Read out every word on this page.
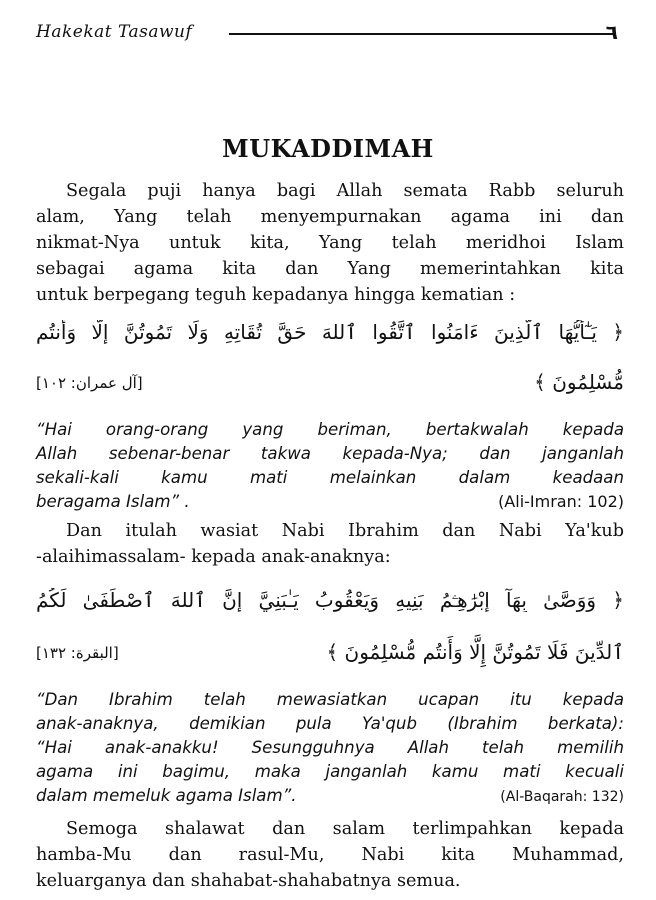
Hakekat Tasawuf	٦
MUKADDIMAH
Segala puji hanya bagi Allah semata Rabb seluruh
alam, Yang telah menyempurnakan agama ini dan
nikmat-Nya untuk kita, Yang telah meridhoi Islam
sebagai agama kita dan Yang memerintahkan kita
untuk berpegang teguh kepadanya hingga kematian :
﴿ يَـٰٓأَيُّهَا ٱلَّذِينَ ءَامَنُوا ٱتَّقُوا ٱللهَ حَقَّ تُقَاتِهِ وَلَا تَمُوتُنَّ إِلَّا وَأَنتُم
مُّسْلِمُونَ ﴾
[آل عمران: ١٠٢]
“Hai orang-orang yang beriman, bertakwalah kepada
Allah sebenar-benar takwa kepada-Nya; dan janganlah
sekali-kali kamu mati melainkan dalam keadaan
beragama Islam” .	(Ali-Imran: 102)
Dan itulah wasiat Nabi Ibrahim dan Nabi Ya'kub
-alaihimassalam- kepada anak-anaknya:
﴿ وَوَصَّىٰ بِهَآ إِبْرَٰهِـۧمُ بَنِيهِ وَيَعْقُوبُ يَـٰبَنِيَّ إِنَّ ٱللهَ ٱصْطَفَىٰ لَكُمُ
ٱلدِّينَ فَلَا تَمُوتُنَّ إِلَّا وَأَنتُم مُّسْلِمُونَ ﴾
[البقرة: ١٣٢]
“Dan Ibrahim telah mewasiatkan ucapan itu kepada
anak-anaknya, demikian pula Ya'qub (Ibrahim berkata):
“Hai anak-anakku! Sesungguhnya Allah telah memilih
agama ini bagimu, maka janganlah kamu mati kecuali
dalam memeluk agama Islam”.	(Al-Baqarah: 132)
Semoga shalawat dan salam terlimpahkan kepada
hamba-Mu dan rasul-Mu, Nabi kita Muhammad,
keluarganya dan shahabat-shahabatnya semua.
